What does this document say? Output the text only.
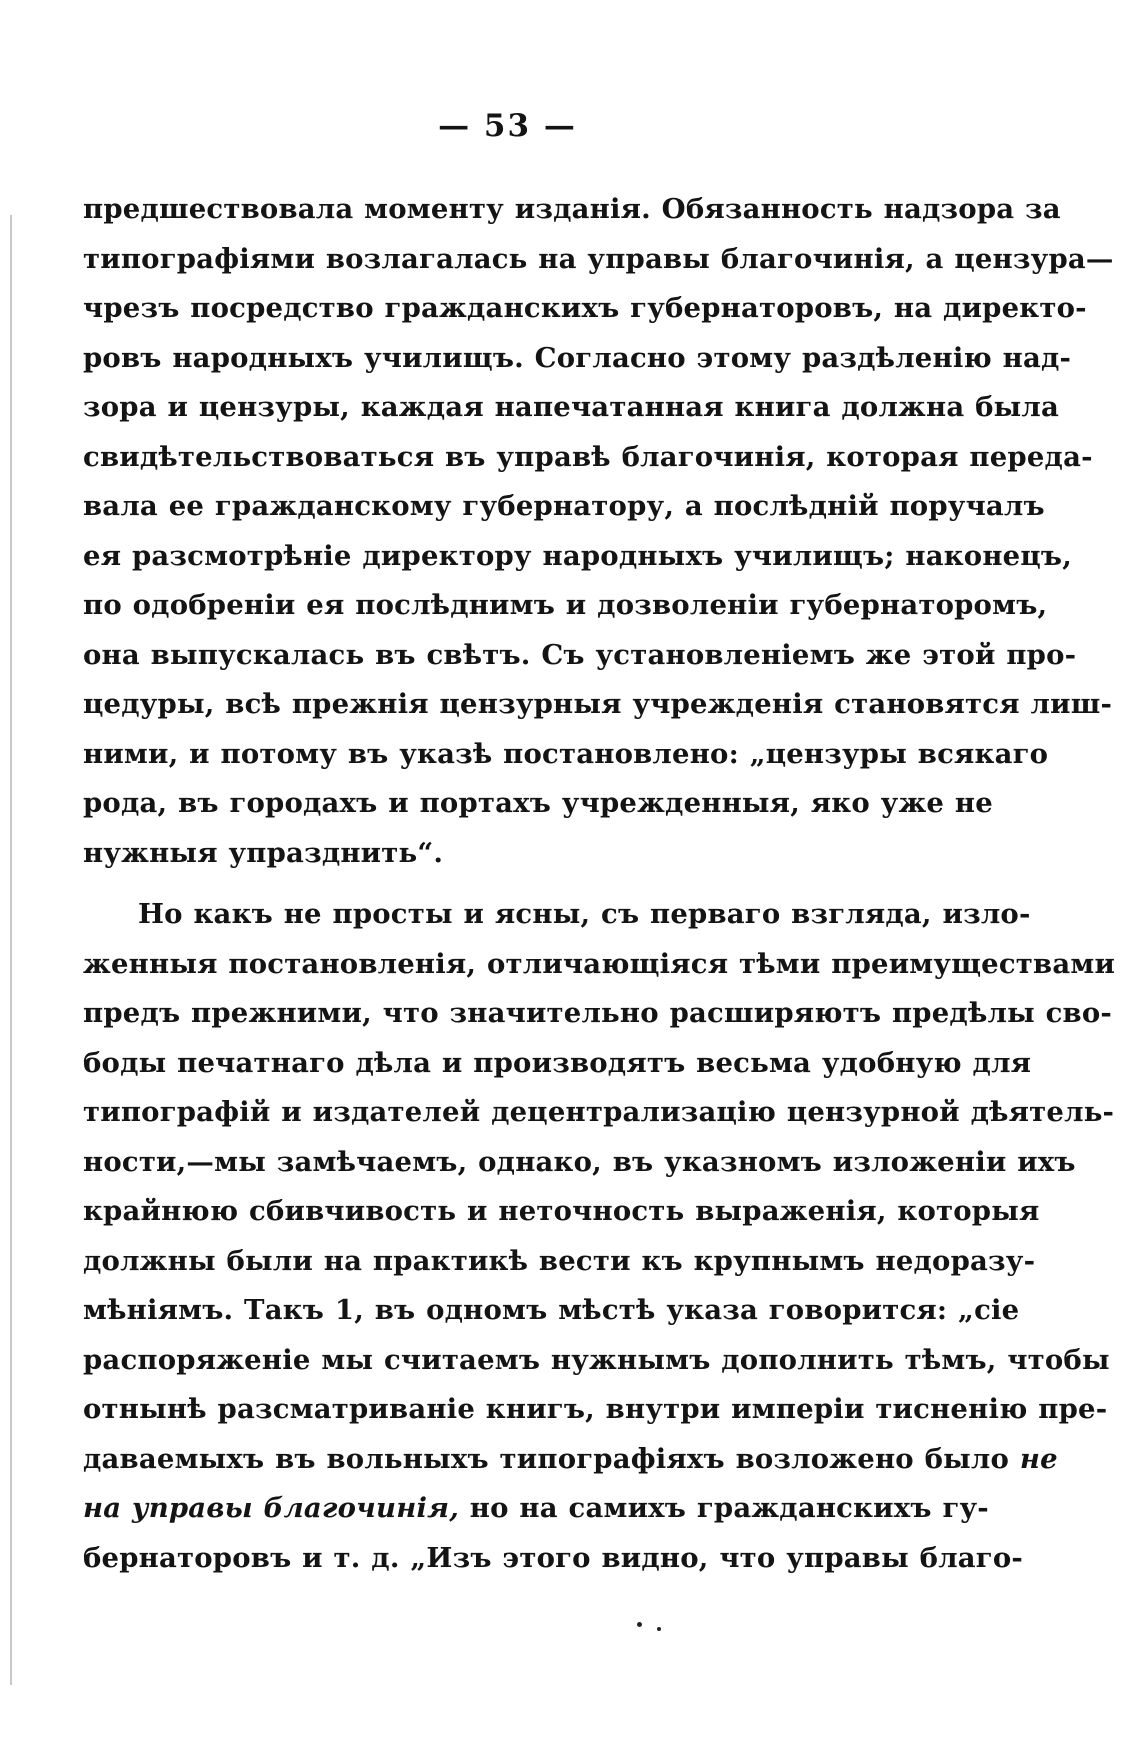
— 53 —
предшествовала моменту изданія. Обязанность надзора за
типографіями возлагалась на управы благочинія, а цензура—
чрезъ посредство гражданскихъ губернаторовъ, на директо-
ровъ народныхъ училищъ. Согласно этому раздѣленію над-
зора и цензуры, каждая напечатанная книга должна была
свидѣтельствоваться въ управѣ благочинія, которая переда-
вала ее гражданскому губернатору, а послѣдній поручалъ
ея разсмотрѣніе директору народныхъ училищъ; наконецъ,
по одобреніи ея послѣднимъ и дозволеніи губернаторомъ,
она выпускалась въ свѣтъ. Съ установленіемъ же этой про-
цедуры, всѣ прежнія цензурныя учрежденія становятся лиш-
ними, и потому въ указѣ постановлено: „цензуры всякаго
рода, въ городахъ и портахъ учрежденныя, яко уже не
нужныя упразднить“.
Но какъ не просты и ясны, съ перваго взгляда, изло-
женныя постановленія, отличающіяся тѣми преимуществами
предъ прежними, что значительно расширяютъ предѣлы сво-
боды печатнаго дѣла и производятъ весьма удобную для
типографій и издателей децентрализацію цензурной дѣятель-
ности,—мы замѣчаемъ, однако, въ указномъ изложеніи ихъ
крайнюю сбивчивость и неточность выраженія, которыя
должны были на практикѣ вести къ крупнымъ недоразу-
мѣніямъ. Такъ 1, въ одномъ мѣстѣ указа говорится: „сіе
распоряженіе мы считаемъ нужнымъ дополнить тѣмъ, чтобы
отнынѣ разсматриваніе книгъ, внутри имперіи тисненію пре-
даваемыхъ въ вольныхъ типографіяхъ возложено было не
на управы благочинія, но на самихъ гражданскихъ гу-
бернаторовъ и т. д. „Изъ этого видно, что управы благо-
